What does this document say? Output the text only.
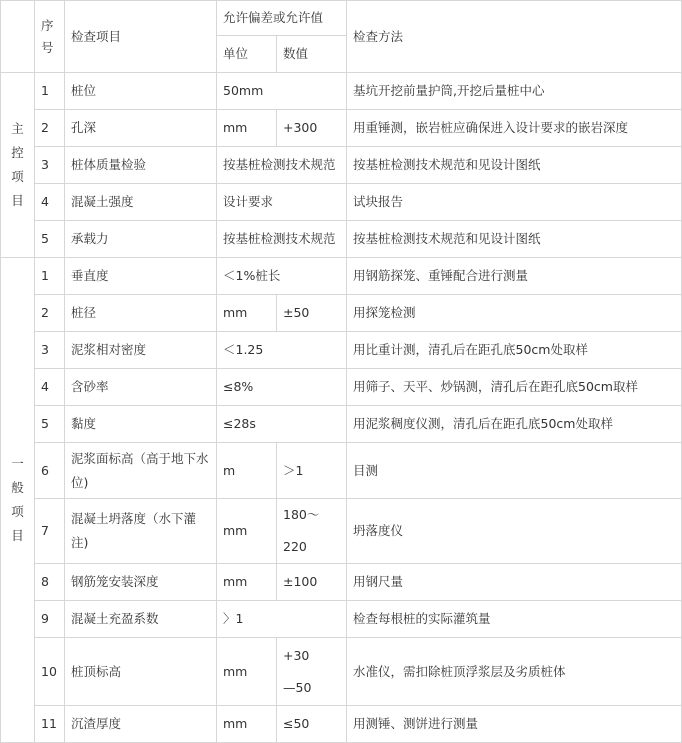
	序
号	检查项目	允许偏差或允许值		检查方法
			单位	数值	

主
控
项
目	1	桩位	50mm		基坑开挖前量护筒,开挖后量桩中心
	2	孔深	mm	+300	用重锤测，嵌岩桩应确保进入设计要求的嵌岩深度
	3	桩体质量检验	按基桩检测技术规范		按基桩检测技术规范和见设计图纸
	4	混凝土强度	设计要求		试块报告
	5	承载力	按基桩检测技术规范		按基桩检测技术规范和见设计图纸

一
般
项
目	1	垂直度	＜1%桩长		用钢筋探笼、重锤配合进行测量
	2	桩径	mm	±50	用探笼检测
	3	泥浆相对密度	＜1.25		用比重计测，清孔后在距孔底50cm处取样
	4	含砂率	≤8%		用筛子、天平、炒锅测，清孔后在距孔底50cm取样
	5	黏度	≤28s		用泥浆稠度仪测，清孔后在距孔底50cm处取样
	6	泥浆面标高（高于地下水位)	m	＞1	目测
	7	混凝土坍落度（水下灌注)	mm	180～220	坍落度仪
	8	钢筋笼安装深度	mm	±100	用钢尺量
	9	混凝土充盈系数	〉1		检查每根桩的实际灌筑量
	10	桩顶标高	mm	+30
—50	水准仪，需扣除桩顶浮浆层及劣质桩体
	11	沉渣厚度	mm	≤50	用测锤、测饼进行测量
